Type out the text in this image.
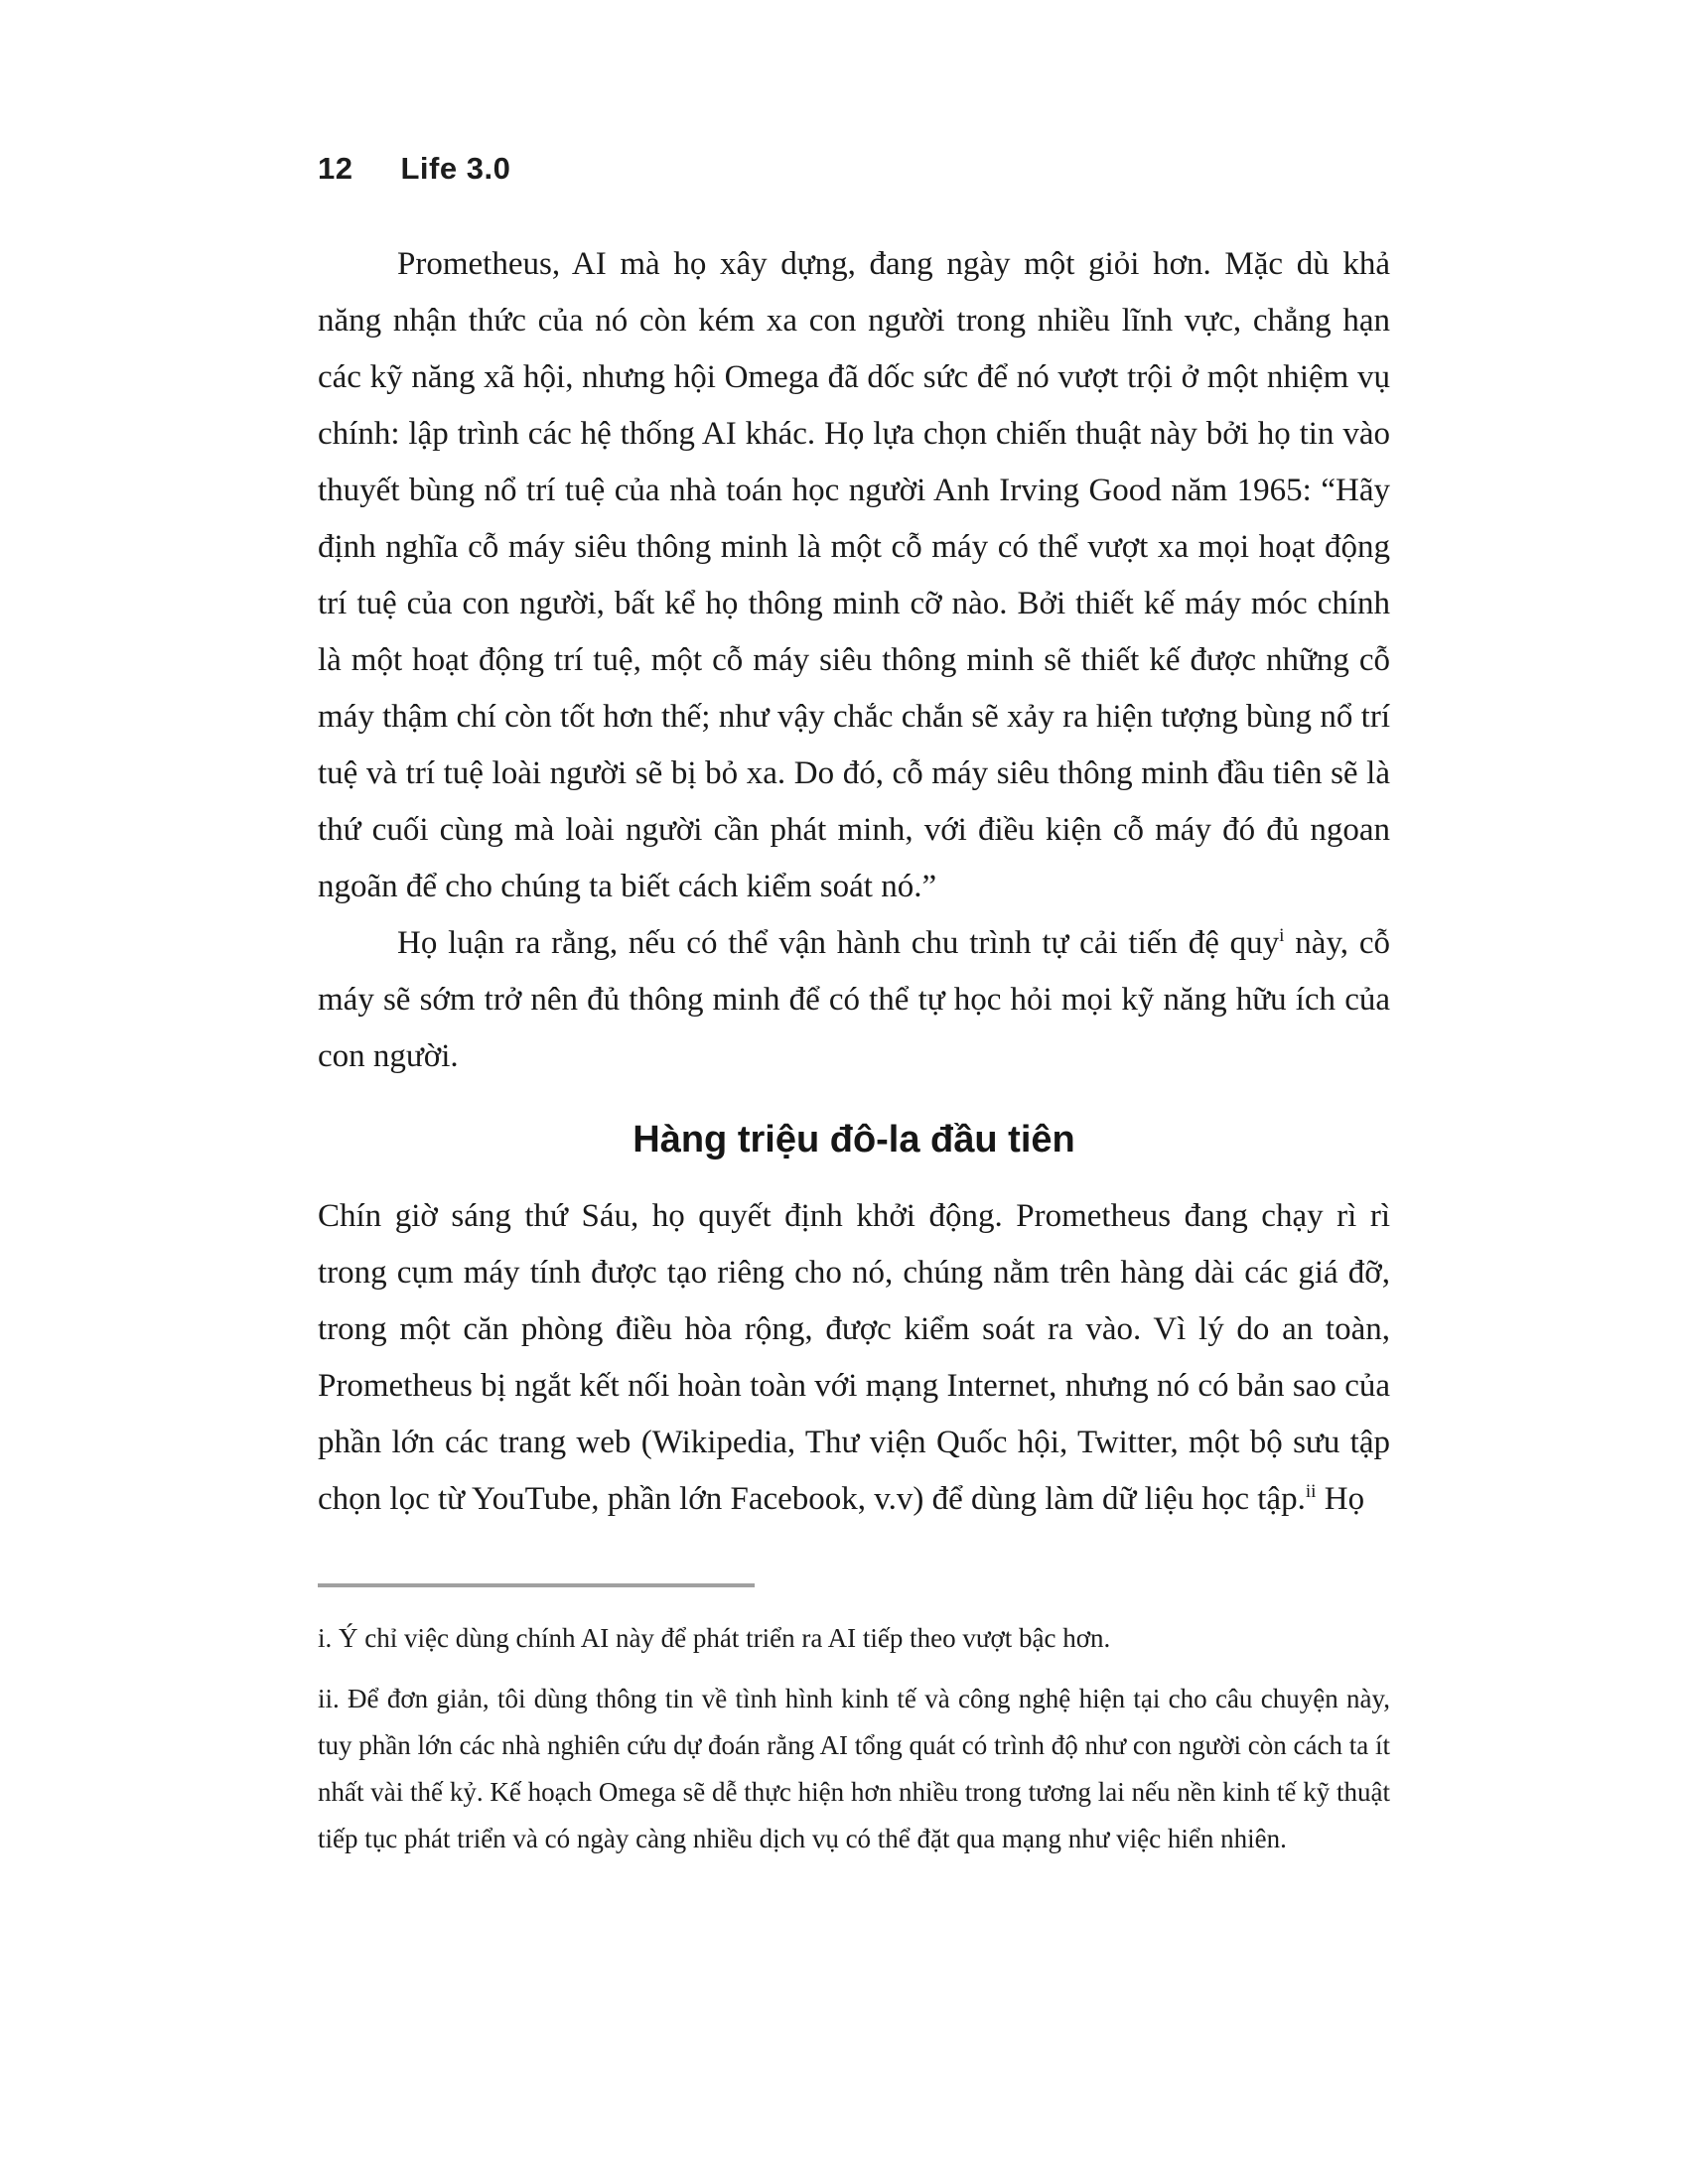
12 Life 3.0

Prometheus, AI mà họ xây dựng, đang ngày một giỏi hơn. Mặc dù khả năng nhận thức của nó còn kém xa con người trong nhiều lĩnh vực, chẳng hạn các kỹ năng xã hội, nhưng hội Omega đã dốc sức để nó vượt trội ở một nhiệm vụ chính: lập trình các hệ thống AI khác. Họ lựa chọn chiến thuật này bởi họ tin vào thuyết bùng nổ trí tuệ của nhà toán học người Anh Irving Good năm 1965: “Hãy định nghĩa cỗ máy siêu thông minh là một cỗ máy có thể vượt xa mọi hoạt động trí tuệ của con người, bất kể họ thông minh cỡ nào. Bởi thiết kế máy móc chính là một hoạt động trí tuệ, một cỗ máy siêu thông minh sẽ thiết kế được những cỗ máy thậm chí còn tốt hơn thế; như vậy chắc chắn sẽ xảy ra hiện tượng bùng nổ trí tuệ và trí tuệ loài người sẽ bị bỏ xa. Do đó, cỗ máy siêu thông minh đầu tiên sẽ là thứ cuối cùng mà loài người cần phát minh, với điều kiện cỗ máy đó đủ ngoan ngoãn để cho chúng ta biết cách kiểm soát nó.”

Họ luận ra rằng, nếu có thể vận hành chu trình tự cải tiến đệ quy$^i$ này, cỗ máy sẽ sớm trở nên đủ thông minh để có thể tự học hỏi mọi kỹ năng hữu ích của con người.

Hàng triệu đô-la đầu tiên

Chín giờ sáng thứ Sáu, họ quyết định khởi động. Prometheus đang chạy rì rì trong cụm máy tính được tạo riêng cho nó, chúng nằm trên hàng dài các giá đỡ, trong một căn phòng điều hòa rộng, được kiểm soát ra vào. Vì lý do an toàn, Prometheus bị ngắt kết nối hoàn toàn với mạng Internet, nhưng nó có bản sao của phần lớn các trang web (Wikipedia, Thư viện Quốc hội, Twitter, một bộ sưu tập chọn lọc từ YouTube, phần lớn Facebook, v.v) để dùng làm dữ liệu học tập.$^{ii}$ Họ

i. Ý chỉ việc dùng chính AI này để phát triển ra AI tiếp theo vượt bậc hơn.

ii. Để đơn giản, tôi dùng thông tin về tình hình kinh tế và công nghệ hiện tại cho câu chuyện này, tuy phần lớn các nhà nghiên cứu dự đoán rằng AI tổng quát có trình độ như con người còn cách ta ít nhất vài thế kỷ. Kế hoạch Omega sẽ dễ thực hiện hơn nhiều trong tương lai nếu nền kinh tế kỹ thuật tiếp tục phát triển và có ngày càng nhiều dịch vụ có thể đặt qua mạng như việc hiển nhiên.
